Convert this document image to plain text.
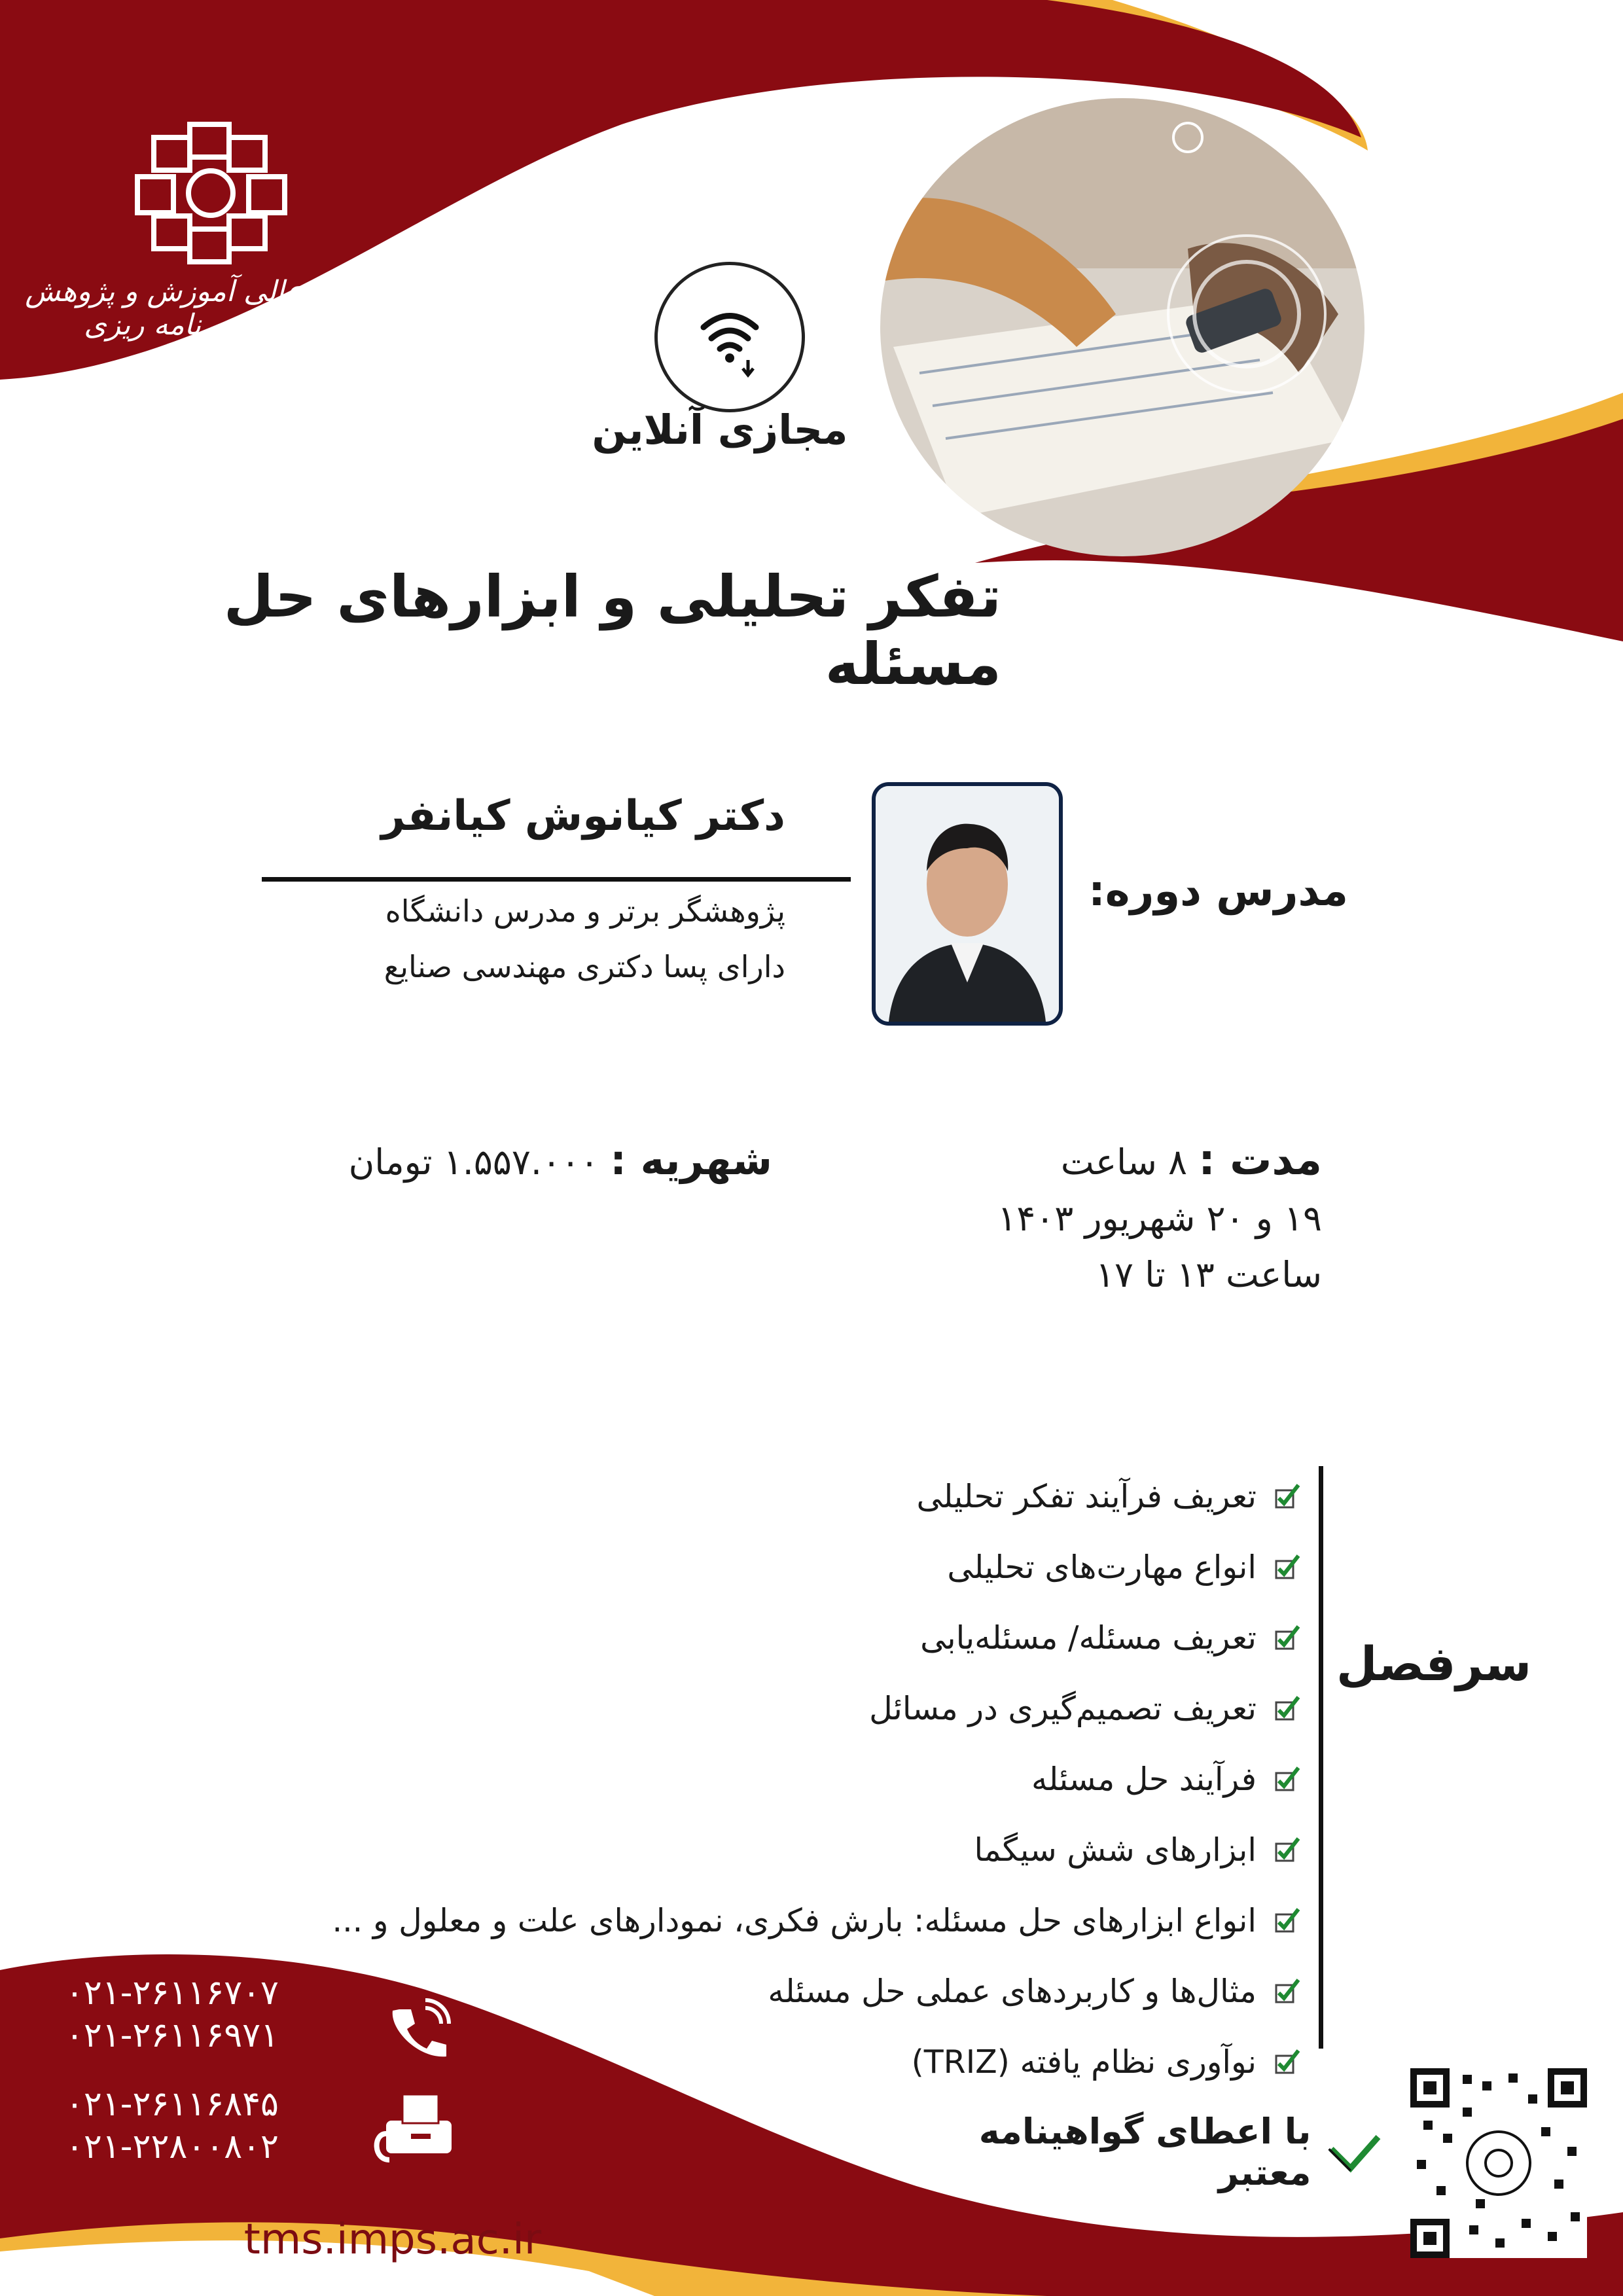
موسسه عالی آموزش و پژوهش مدیریت و برنامه ریزی
مجازی آنلاین
تفکر تحلیلی و ابزارهای حل مسئله
مدرس دوره:
دکتر کیانوش کیانفر
پژوهشگر برتر و مدرس دانشگاه
دارای پسا دکتری مهندسی صنایع
مدت : ۸ ساعت
۱۹ و ۲۰ شهریور ۱۴۰۳
ساعت ۱۳ تا ۱۷
شهریه : ۱.۵۵۷.۰۰۰ تومان
سرفصل
تعریف فرآیند تفکر تحلیلی
انواع مهارت‌های تحلیلی
تعریف مسئله/ مسئله‌یابی
تعریف تصمیم‌گیری در مسائل
فرآیند حل مسئله
ابزارهای شش سیگما
انواع ابزارهای حل مسئله: بارش فکری، نمودارهای علت و معلول و ...
مثال‌ها و کاربردهای عملی حل مسئله
نوآوری نظام یافته (TRIZ)
با اعطای گواهینامه معتبر
۰۲۱-۲۶۱۱۶۷۰۷
۰۲۱-۲۶۱۱۶۹۷۱
۰۲۱-۲۶۱۱۶۸۴۵
۰۲۱-۲۲۸۰۰۸۰۲
tms.imps.ac.ir
